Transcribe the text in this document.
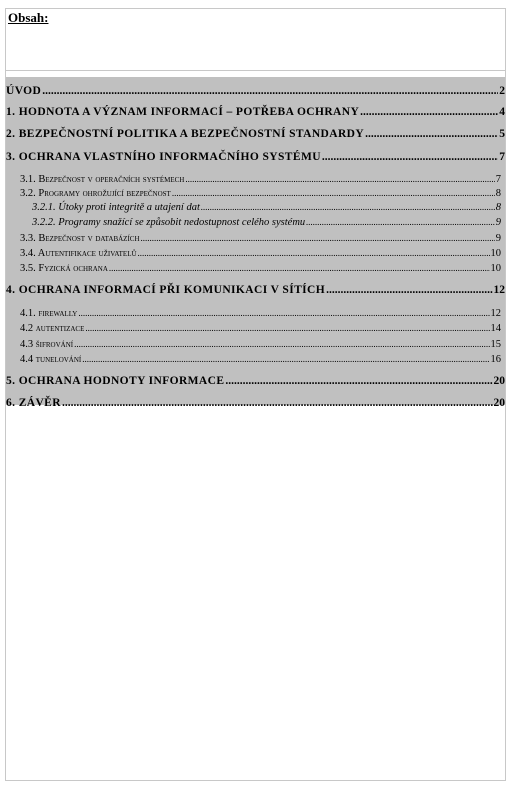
Obsah:
ÚVOD .....	2
1. HODNOTA A VÝZNAM INFORMACÍ – POTŘEBA OCHRANY .....	4
2. BEZPEČNOSTNÍ POLITIKA A BEZPEČNOSTNÍ STANDARDY .....	5
3. OCHRANA VLASTNÍHO INFORMAČNÍHO SYSTÉMU .....	7
3.1. Bezpečnost v operačních systémech .....	7
3.2. Programy ohrožující bezpečnost .....	8
3.2.1. Útoky proti integritě a utajení dat .....	8
3.2.2. Programy snažící se způsobit nedostupnost celého systému .....	9
3.3. Bezpečnost v databázích .....	9
3.4. Autentifikace uživatelů .....	10
3.5. Fyzická ochrana .....	10
4. OCHRANA INFORMACÍ PŘI KOMUNIKACI V SÍTÍCH .....	12
4.1. firewally .....	12
4.2 autentizace .....	14
4.3 šifrování .....	15
4.4 tunelování .....	16
5. OCHRANA HODNOTY INFORMACE .....	20
6. ZÁVĚR .....	20
